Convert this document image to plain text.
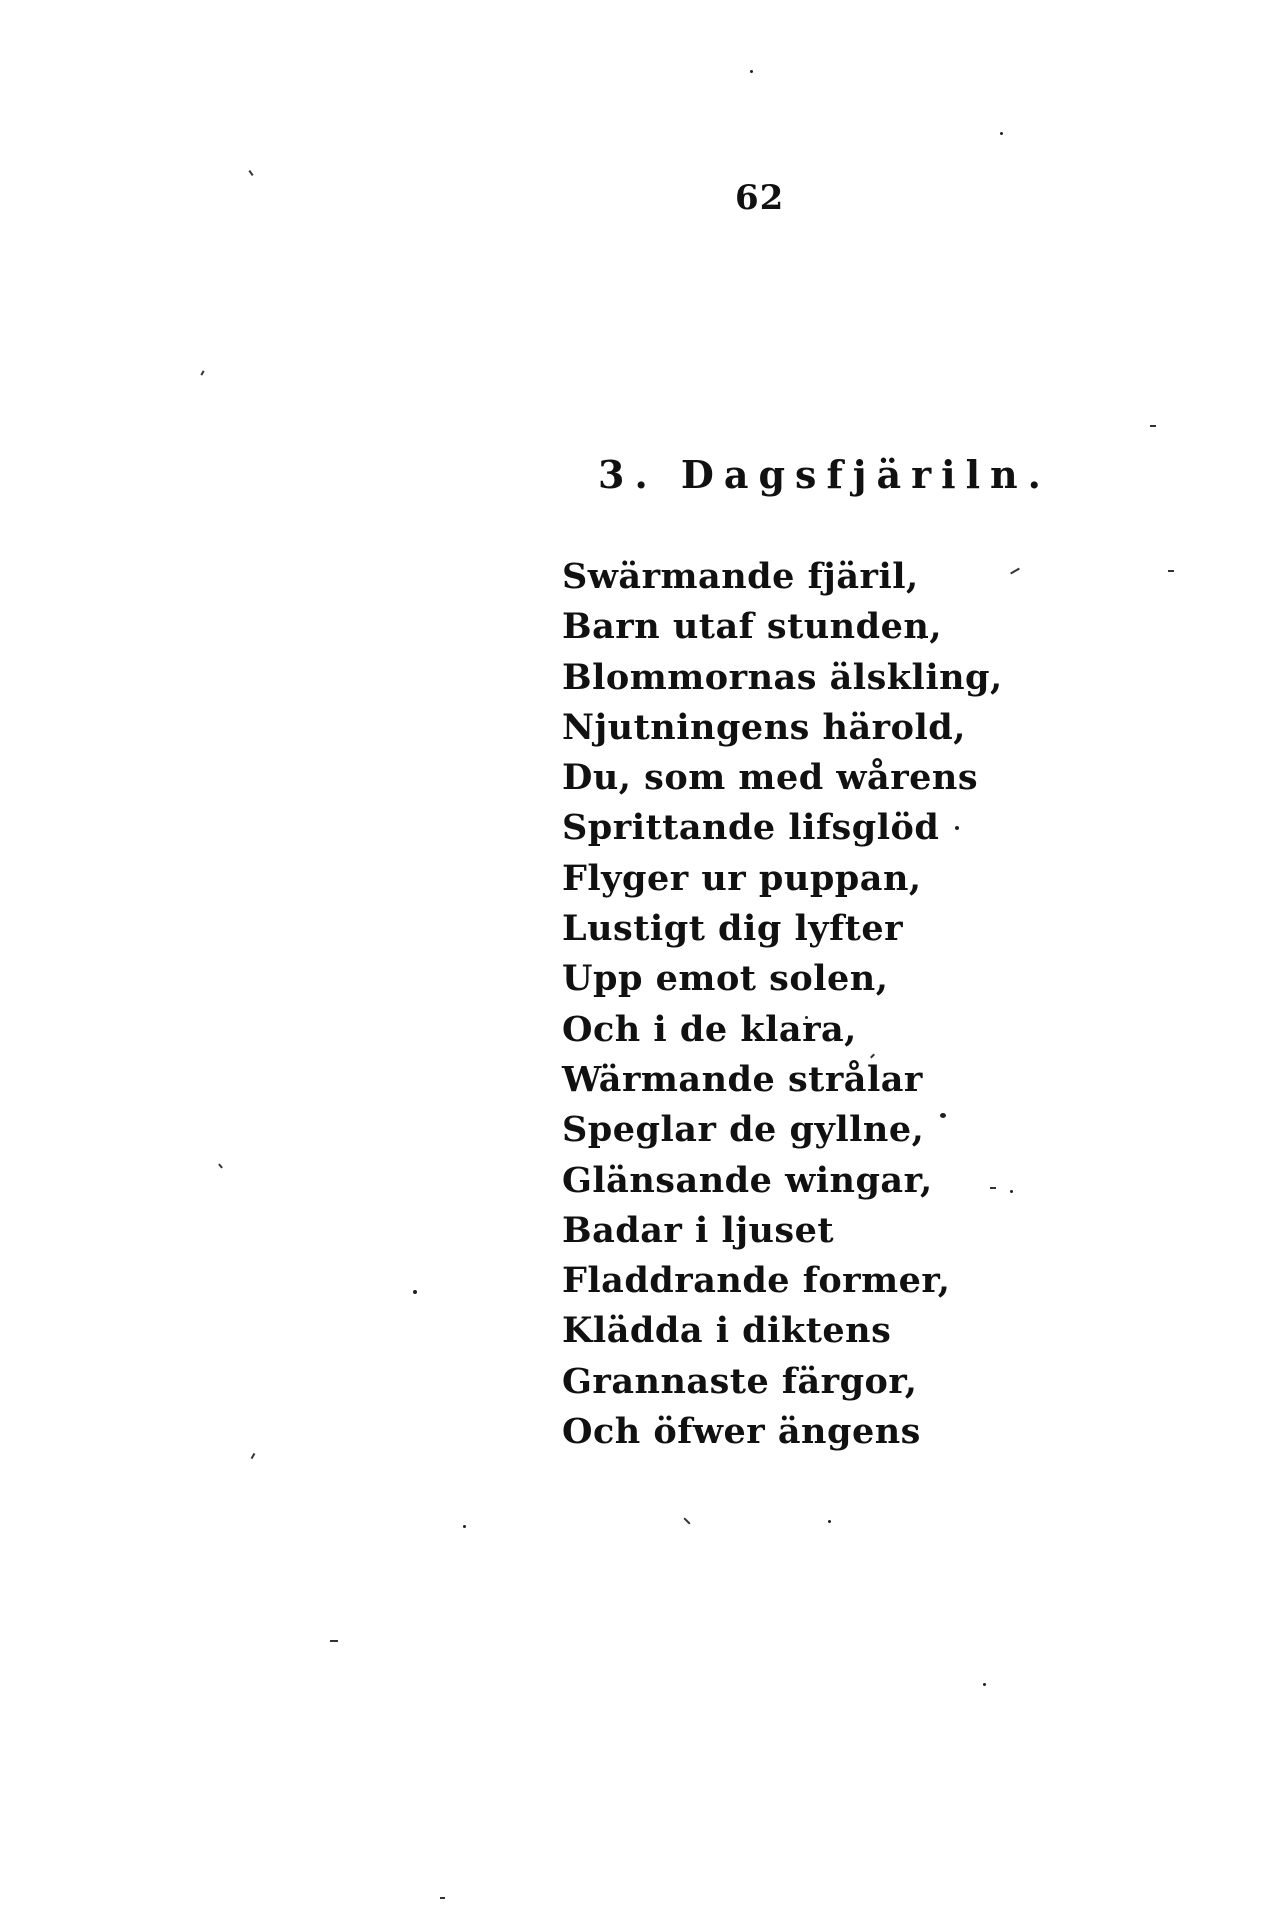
62
3. Dagsfjäriln.
Swärmande fjäril,
Barn utaf stunden,
Blommornas älskling,
Njutningens härold,
Du, som med wårens
Sprittande lifsglöd
Flyger ur puppan,
Lustigt dig lyfter
Upp emot solen,
Och i de klara,
Wärmande strålar
Speglar de gyllne,
Glänsande wingar,
Badar i ljuset
Fladdrande former,
Klädda i diktens
Grannaste färgor,
Och öfwer ängens
